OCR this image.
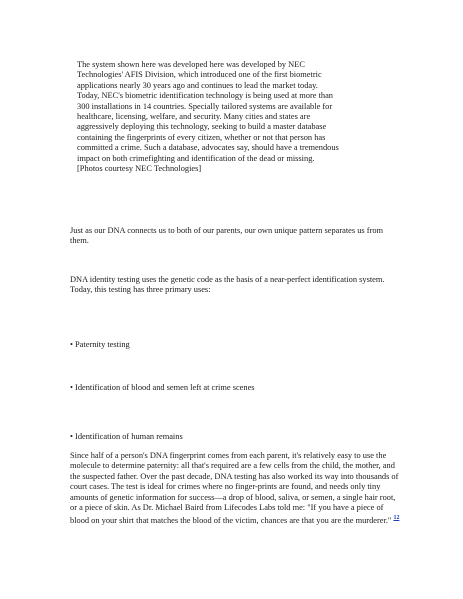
The system shown here was developed here was developed by NEC
Technologies' AFIS Division, which introduced one of the first biometric
applications nearly 30 years ago and continues to lead the market today.
Today, NEC's biometric identification technology is being used at more than
300 installations in 14 countries. Specially tailored systems are available for
healthcare, licensing, welfare, and security. Many cities and states are
aggressively deploying this technology, seeking to build a master database
containing the fingerprints of every citizen, whether or not that person has
committed a crime. Such a database, advocates say, should have a tremendous
impact on both crimefighting and identification of the dead or missing.
[Photos courtesy NEC Technologies]

Just as our DNA connects us to both of our parents, our own unique pattern separates us from them.

DNA identity testing uses the genetic code as the basis of a near-perfect identification system. Today, this testing has three primary uses:

• Paternity testing

• Identification of blood and semen left at crime scenes

• Identification of human remains

Since half of a person's DNA fingerprint comes from each parent, it's relatively easy to use the molecule to determine paternity: all that's required are a few cells from the child, the mother, and the suspected father. Over the past decade, DNA testing has also worked its way into thousands of court cases. The test is ideal for crimes where no finger-prints are found, and needs only tiny amounts of genetic information for success—a drop of blood, saliva, or semen, a single hair root, or a piece of skin. As Dr. Michael Baird from Lifecodes Labs told me: "If you have a piece of blood on your shirt that matches the blood of the victim, chances are that you are the murderer." $^{12}$
